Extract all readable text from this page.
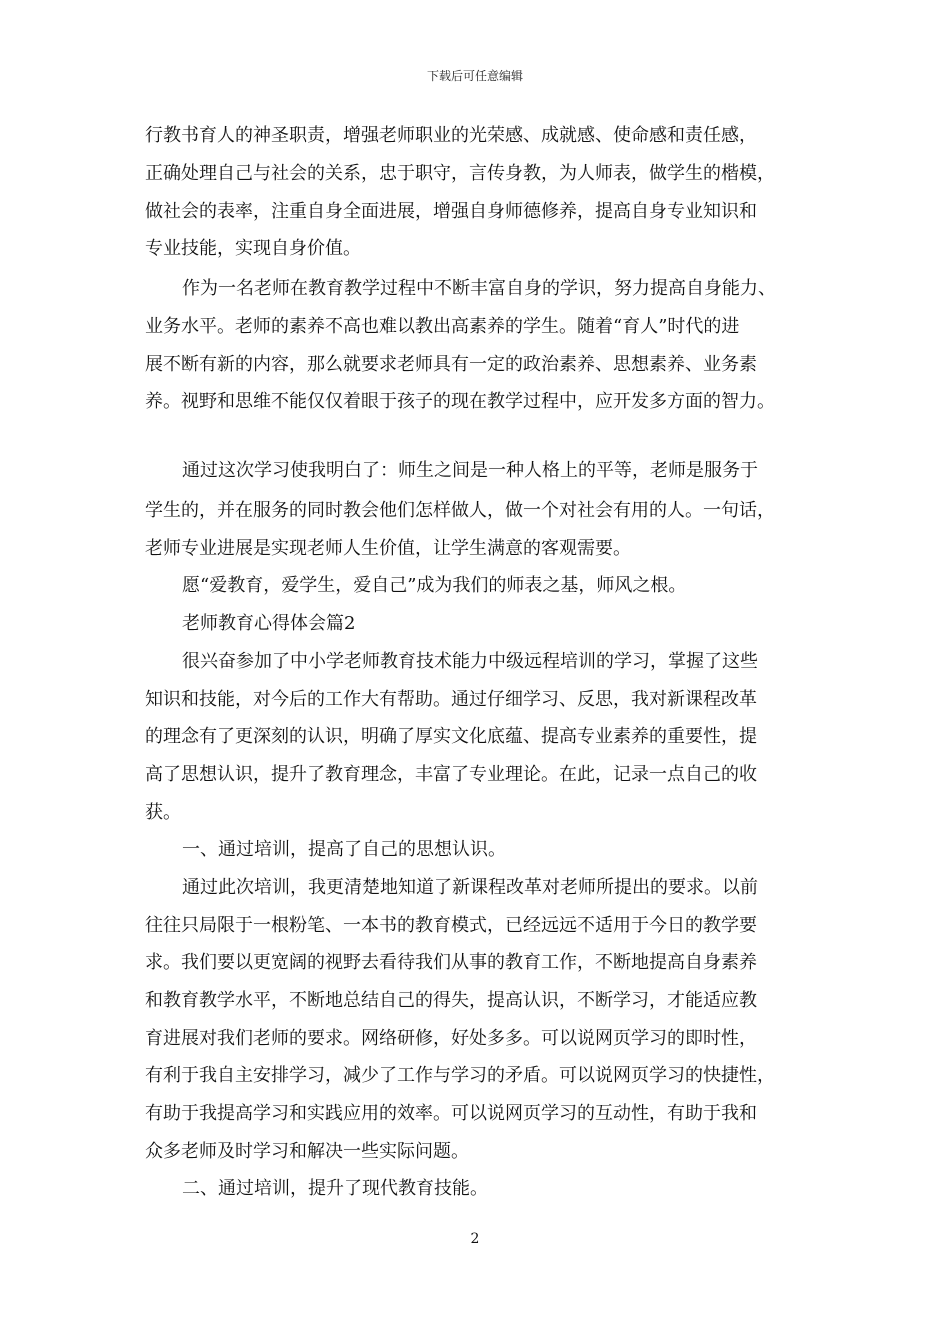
下载后可任意编辑
行教书育人的神圣职责，增强老师职业的光荣感、成就感、使命感和责任感，
正确处理自己与社会的关系，忠于职守，言传身教，为人师表，做学生的楷模，
做社会的表率，注重自身全面进展，增强自身师德修养，提高自身专业知识和
专业技能，实现自身价值。
作为一名老师在教育教学过程中不断丰富自身的学识，努力提高自身能力、
业务水平。老师的素养不高也难以教出高素养的学生。随着“育人”时代的进
展不断有新的内容，那么就要求老师具有一定的政治素养、思想素养、业务素
养。视野和思维不能仅仅着眼于孩子的现在教学过程中，应开发多方面的智力。
通过这次学习使我明白了：师生之间是一种人格上的平等，老师是服务于
学生的，并在服务的同时教会他们怎样做人，做一个对社会有用的人。一句话，
老师专业进展是实现老师人生价值，让学生满意的客观需要。
愿“爱教育，爱学生，爱自己”成为我们的师表之基，师风之根。
老师教育心得体会篇2
很兴奋参加了中小学老师教育技术能力中级远程培训的学习，掌握了这些
知识和技能，对今后的工作大有帮助。通过仔细学习、反思，我对新课程改革
的理念有了更深刻的认识，明确了厚实文化底蕴、提高专业素养的重要性，提
高了思想认识，提升了教育理念，丰富了专业理论。在此，记录一点自己的收
获。
一、通过培训，提高了自己的思想认识。
通过此次培训，我更清楚地知道了新课程改革对老师所提出的要求。以前
往往只局限于一根粉笔、一本书的教育模式，已经远远不适用于今日的教学要
求。我们要以更宽阔的视野去看待我们从事的教育工作，不断地提高自身素养
和教育教学水平，不断地总结自己的得失，提高认识，不断学习，才能适应教
育进展对我们老师的要求。网络研修，好处多多。可以说网页学习的即时性，
有利于我自主安排学习，减少了工作与学习的矛盾。可以说网页学习的快捷性，
有助于我提高学习和实践应用的效率。可以说网页学习的互动性，有助于我和
众多老师及时学习和解决一些实际问题。
二、通过培训，提升了现代教育技能。
2
